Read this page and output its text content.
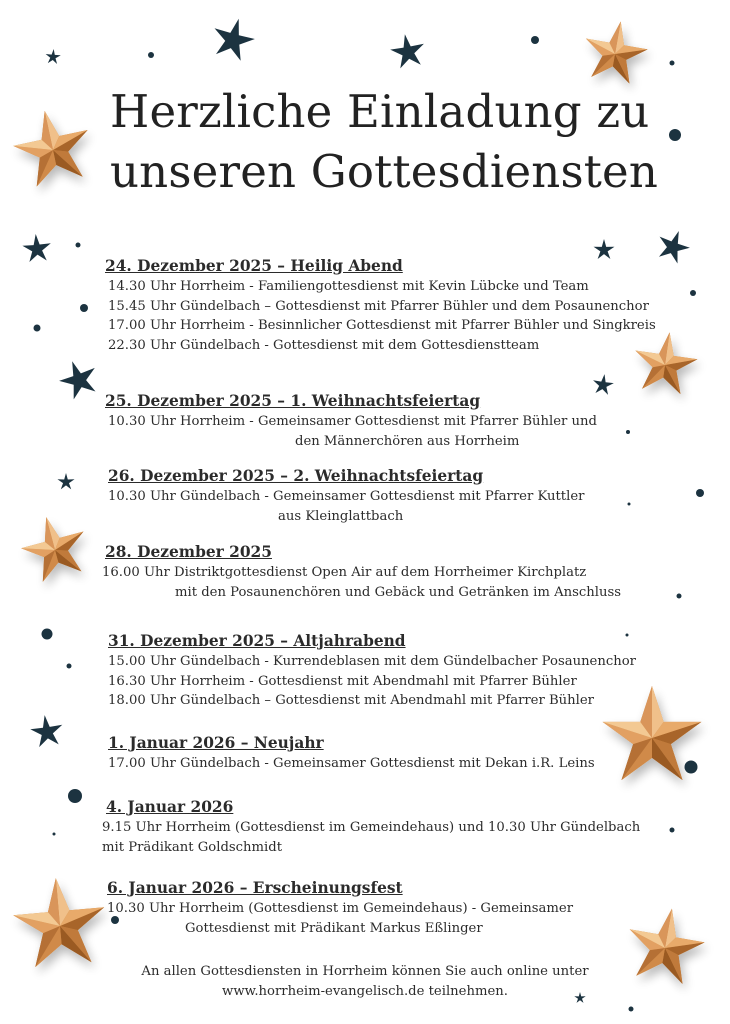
Herzliche Einladung zu
unseren Gottesdiensten
24. Dezember 2025 – Heilig Abend
14.30 Uhr Horrheim - Familiengottesdienst mit Kevin Lübcke und Team
15.45 Uhr Gündelbach – Gottesdienst mit Pfarrer Bühler und dem Posaunenchor
17.00 Uhr Horrheim - Besinnlicher Gottesdienst mit Pfarrer Bühler und Singkreis
22.30 Uhr Gündelbach - Gottesdienst mit dem Gottesdienstteam
25. Dezember 2025 – 1. Weihnachtsfeiertag
10.30 Uhr Horrheim - Gemeinsamer Gottesdienst mit Pfarrer Bühler und
den Männerchören aus Horrheim
26. Dezember 2025 – 2. Weihnachtsfeiertag
10.30 Uhr Gündelbach - Gemeinsamer Gottesdienst mit Pfarrer Kuttler
aus Kleinglattbach
28. Dezember 2025
16.00 Uhr Distriktgottesdienst Open Air auf dem Horrheimer Kirchplatz
mit den Posaunenchören und Gebäck und Getränken im Anschluss
31. Dezember 2025 – Altjahrabend
15.00 Uhr Gündelbach - Kurrendeblasen mit dem Gündelbacher Posaunenchor
16.30 Uhr Horrheim - Gottesdienst mit Abendmahl mit Pfarrer Bühler
18.00 Uhr Gündelbach – Gottesdienst mit Abendmahl mit Pfarrer Bühler
1. Januar 2026 – Neujahr
17.00 Uhr Gündelbach - Gemeinsamer Gottesdienst mit Dekan i.R. Leins
4. Januar 2026
9.15 Uhr Horrheim (Gottesdienst im Gemeindehaus) und 10.30 Uhr Gündelbach
mit Prädikant Goldschmidt
6. Januar 2026 – Erscheinungsfest
10.30 Uhr Horrheim (Gottesdienst im Gemeindehaus) - Gemeinsamer
Gottesdienst mit Prädikant Markus Eßlinger
An allen Gottesdiensten in Horrheim können Sie auch online unter
www.horrheim-evangelisch.de teilnehmen.
